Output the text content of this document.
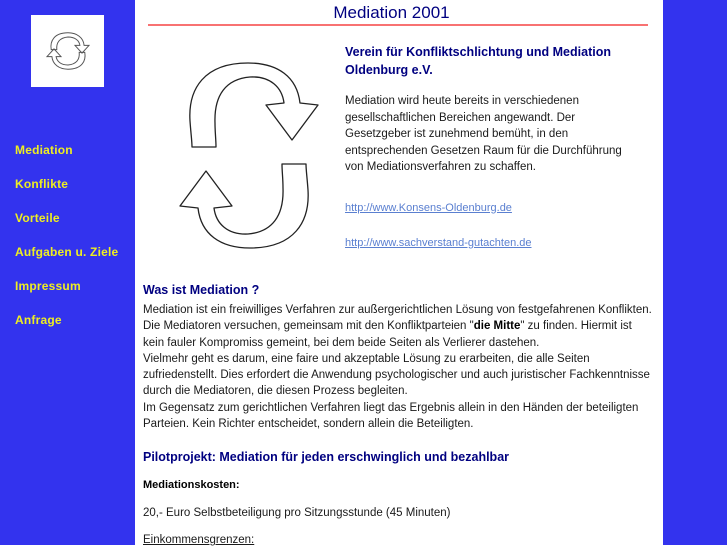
Mediation
Konflikte
Vorteile
Aufgaben u. Ziele
Impressum
Anfrage
Mediation 2001

Verein für Konfliktschlichtung und Mediation Oldenburg e.V.

Mediation wird heute bereits in verschiedenen gesellschaftlichen Bereichen angewandt. Der Gesetzgeber ist zunehmend bemüht, in den entsprechenden Gesetzen Raum für die Durchführung von Mediationsverfahren zu schaffen.

http://www.Konsens-Oldenburg.de
http://www.sachverstand-gutachten.de

Was ist Mediation ?

Mediation ist ein freiwilliges Verfahren zur außergerichtlichen Lösung von festgefahrenen Konflikten. Die Mediatoren versuchen, gemeinsam mit den Konfliktparteien "die Mitte" zu finden. Hiermit ist kein fauler Kompromiss gemeint, bei dem beide Seiten als Verlierer dastehen.

Vielmehr geht es darum, eine faire und akzeptable Lösung zu erarbeiten, die alle Seiten zufriedenstellt. Dies erfordert die Anwendung psychologischer und auch juristischer Fachkenntnisse durch die Mediatoren, die diesen Prozess begleiten.

Im Gegensatz zum gerichtlichen Verfahren liegt das Ergebnis allein in den Händen der beteiligten Parteien. Kein Richter entscheidet, sondern allein die Beteiligten.

Pilotprojekt: Mediation für jeden erschwinglich und bezahlbar

Mediationskosten:

20,- Euro Selbstbeteiligung pro Sitzungsstunde (45 Minuten)

Einkommensgrenzen:
